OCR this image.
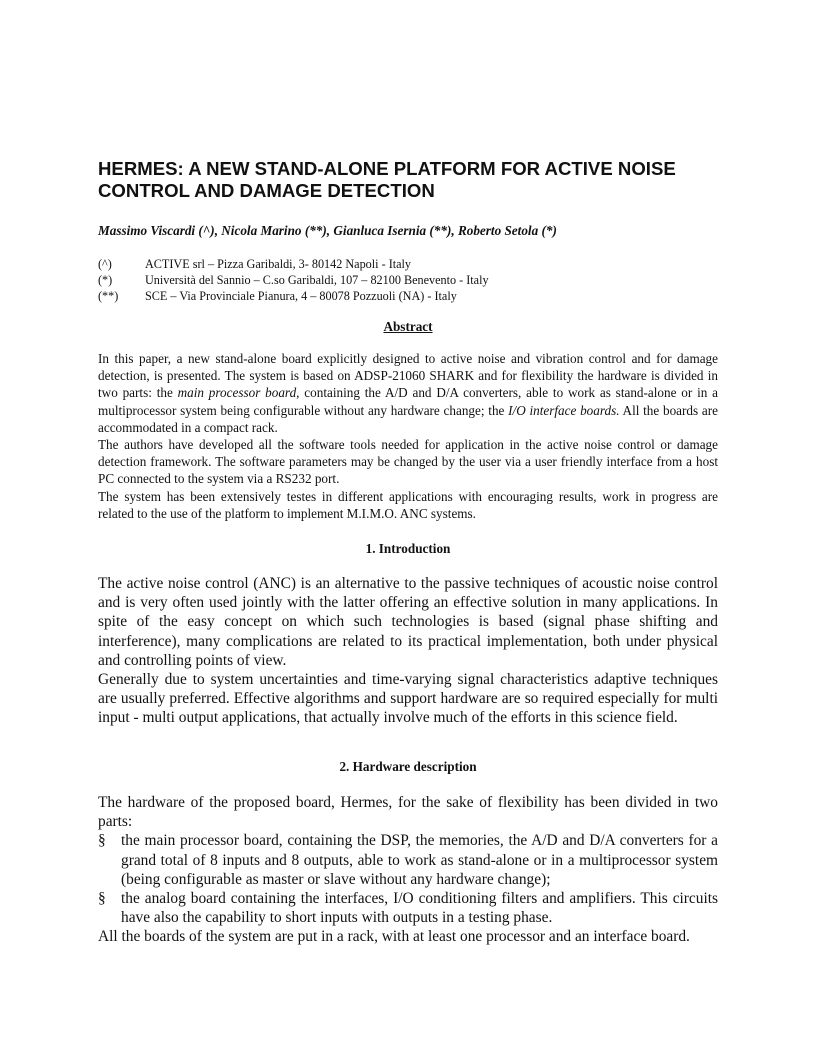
HERMES: A NEW STAND-ALONE PLATFORM FOR ACTIVE NOISE CONTROL AND DAMAGE DETECTION

Massimo Viscardi (^), Nicola Marino (**), Gianluca Isernia (**), Roberto Setola (*)

(^)	ACTIVE srl – Pizza Garibaldi, 3- 80142 Napoli - Italy
(*)	Università del Sannio – C.so Garibaldi, 107 – 82100 Benevento - Italy
(**)	SCE – Via Provinciale Pianura, 4 – 80078 Pozzuoli (NA) - Italy
Abstract

In this paper, a new stand-alone board explicitly designed to active noise and vibration control and for damage detection, is presented. The system is based on ADSP-21060 SHARK and for flexibility the hardware is divided in two parts: the main processor board, containing the A/D and D/A converters, able to work as stand-alone or in a multiprocessor system being configurable without any hardware change; the I/O interface boards. All the boards are accommodated in a compact rack.

The authors have developed all the software tools needed for application in the active noise control or damage detection framework. The software parameters may be changed by the user via a user friendly interface from a host PC connected to the system via a RS232 port.

The system has been extensively testes in different applications with encouraging results, work in progress are related to the use of the platform to implement M.I.M.O. ANC systems.

1. Introduction

The active noise control (ANC) is an alternative to the passive techniques of acoustic noise control and is very often used jointly with the latter offering an effective solution in many applications. In spite of the easy concept on which such technologies is based (signal phase shifting and interference), many complications are related to its practical implementation, both under physical and controlling points of view.

Generally due to system uncertainties and time-varying signal characteristics adaptive techniques are usually preferred. Effective algorithms and support hardware are so required especially for multi input - multi output applications, that actually involve much of the efforts in this science field.

2. Hardware description

The hardware of the proposed board, Hermes, for the sake of flexibility has been divided in two parts:

§ the main processor board, containing the DSP, the memories, the A/D and D/A converters for a grand total of 8 inputs and 8 outputs, able to work as stand-alone or in a multiprocessor system (being configurable as master or slave without any hardware change);
§ the analog board containing the interfaces, I/O conditioning filters and amplifiers. This circuits have also the capability to short inputs with outputs in a testing phase.

All the boards of the system are put in a rack, with at least one processor and an interface board.
